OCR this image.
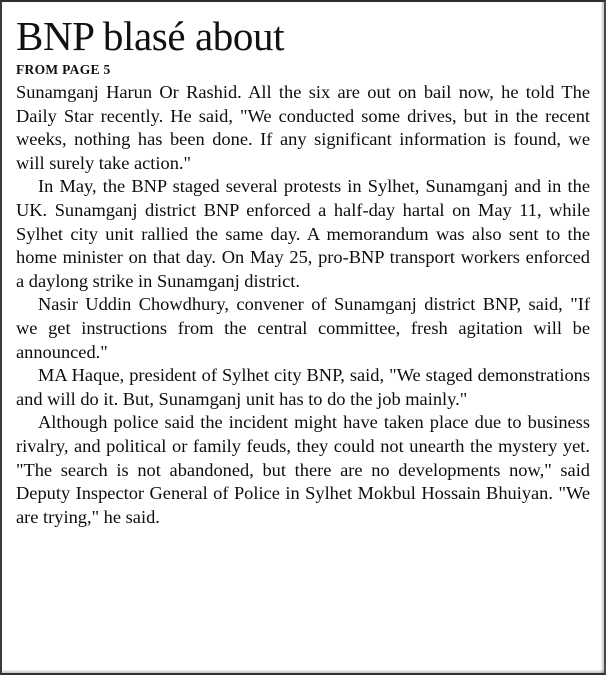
BNP blasé about
FROM PAGE 5

Sunamganj Harun Or Rashid. All the six are out on bail now, he told The Daily Star recently. He said, "We conducted some drives, but in the recent weeks, nothing has been done. If any significant information is found, we will surely take action."

In May, the BNP staged several protests in Sylhet, Sunamganj and in the UK. Sunamganj district BNP enforced a half-day hartal on May 11, while Sylhet city unit rallied the same day. A memorandum was also sent to the home minister on that day. On May 25, pro-BNP transport workers enforced a daylong strike in Sunamganj district.

Nasir Uddin Chowdhury, convener of Sunamganj district BNP, said, "If we get instructions from the central committee, fresh agitation will be announced."

MA Haque, president of Sylhet city BNP, said, "We staged demonstrations and will do it. But, Sunamganj unit has to do the job mainly."

Although police said the incident might have taken place due to business rivalry, and political or family feuds, they could not unearth the mystery yet. "The search is not abandoned, but there are no developments now," said Deputy Inspector General of Police in Sylhet Mokbul Hossain Bhuiyan. "We are trying," he said.
